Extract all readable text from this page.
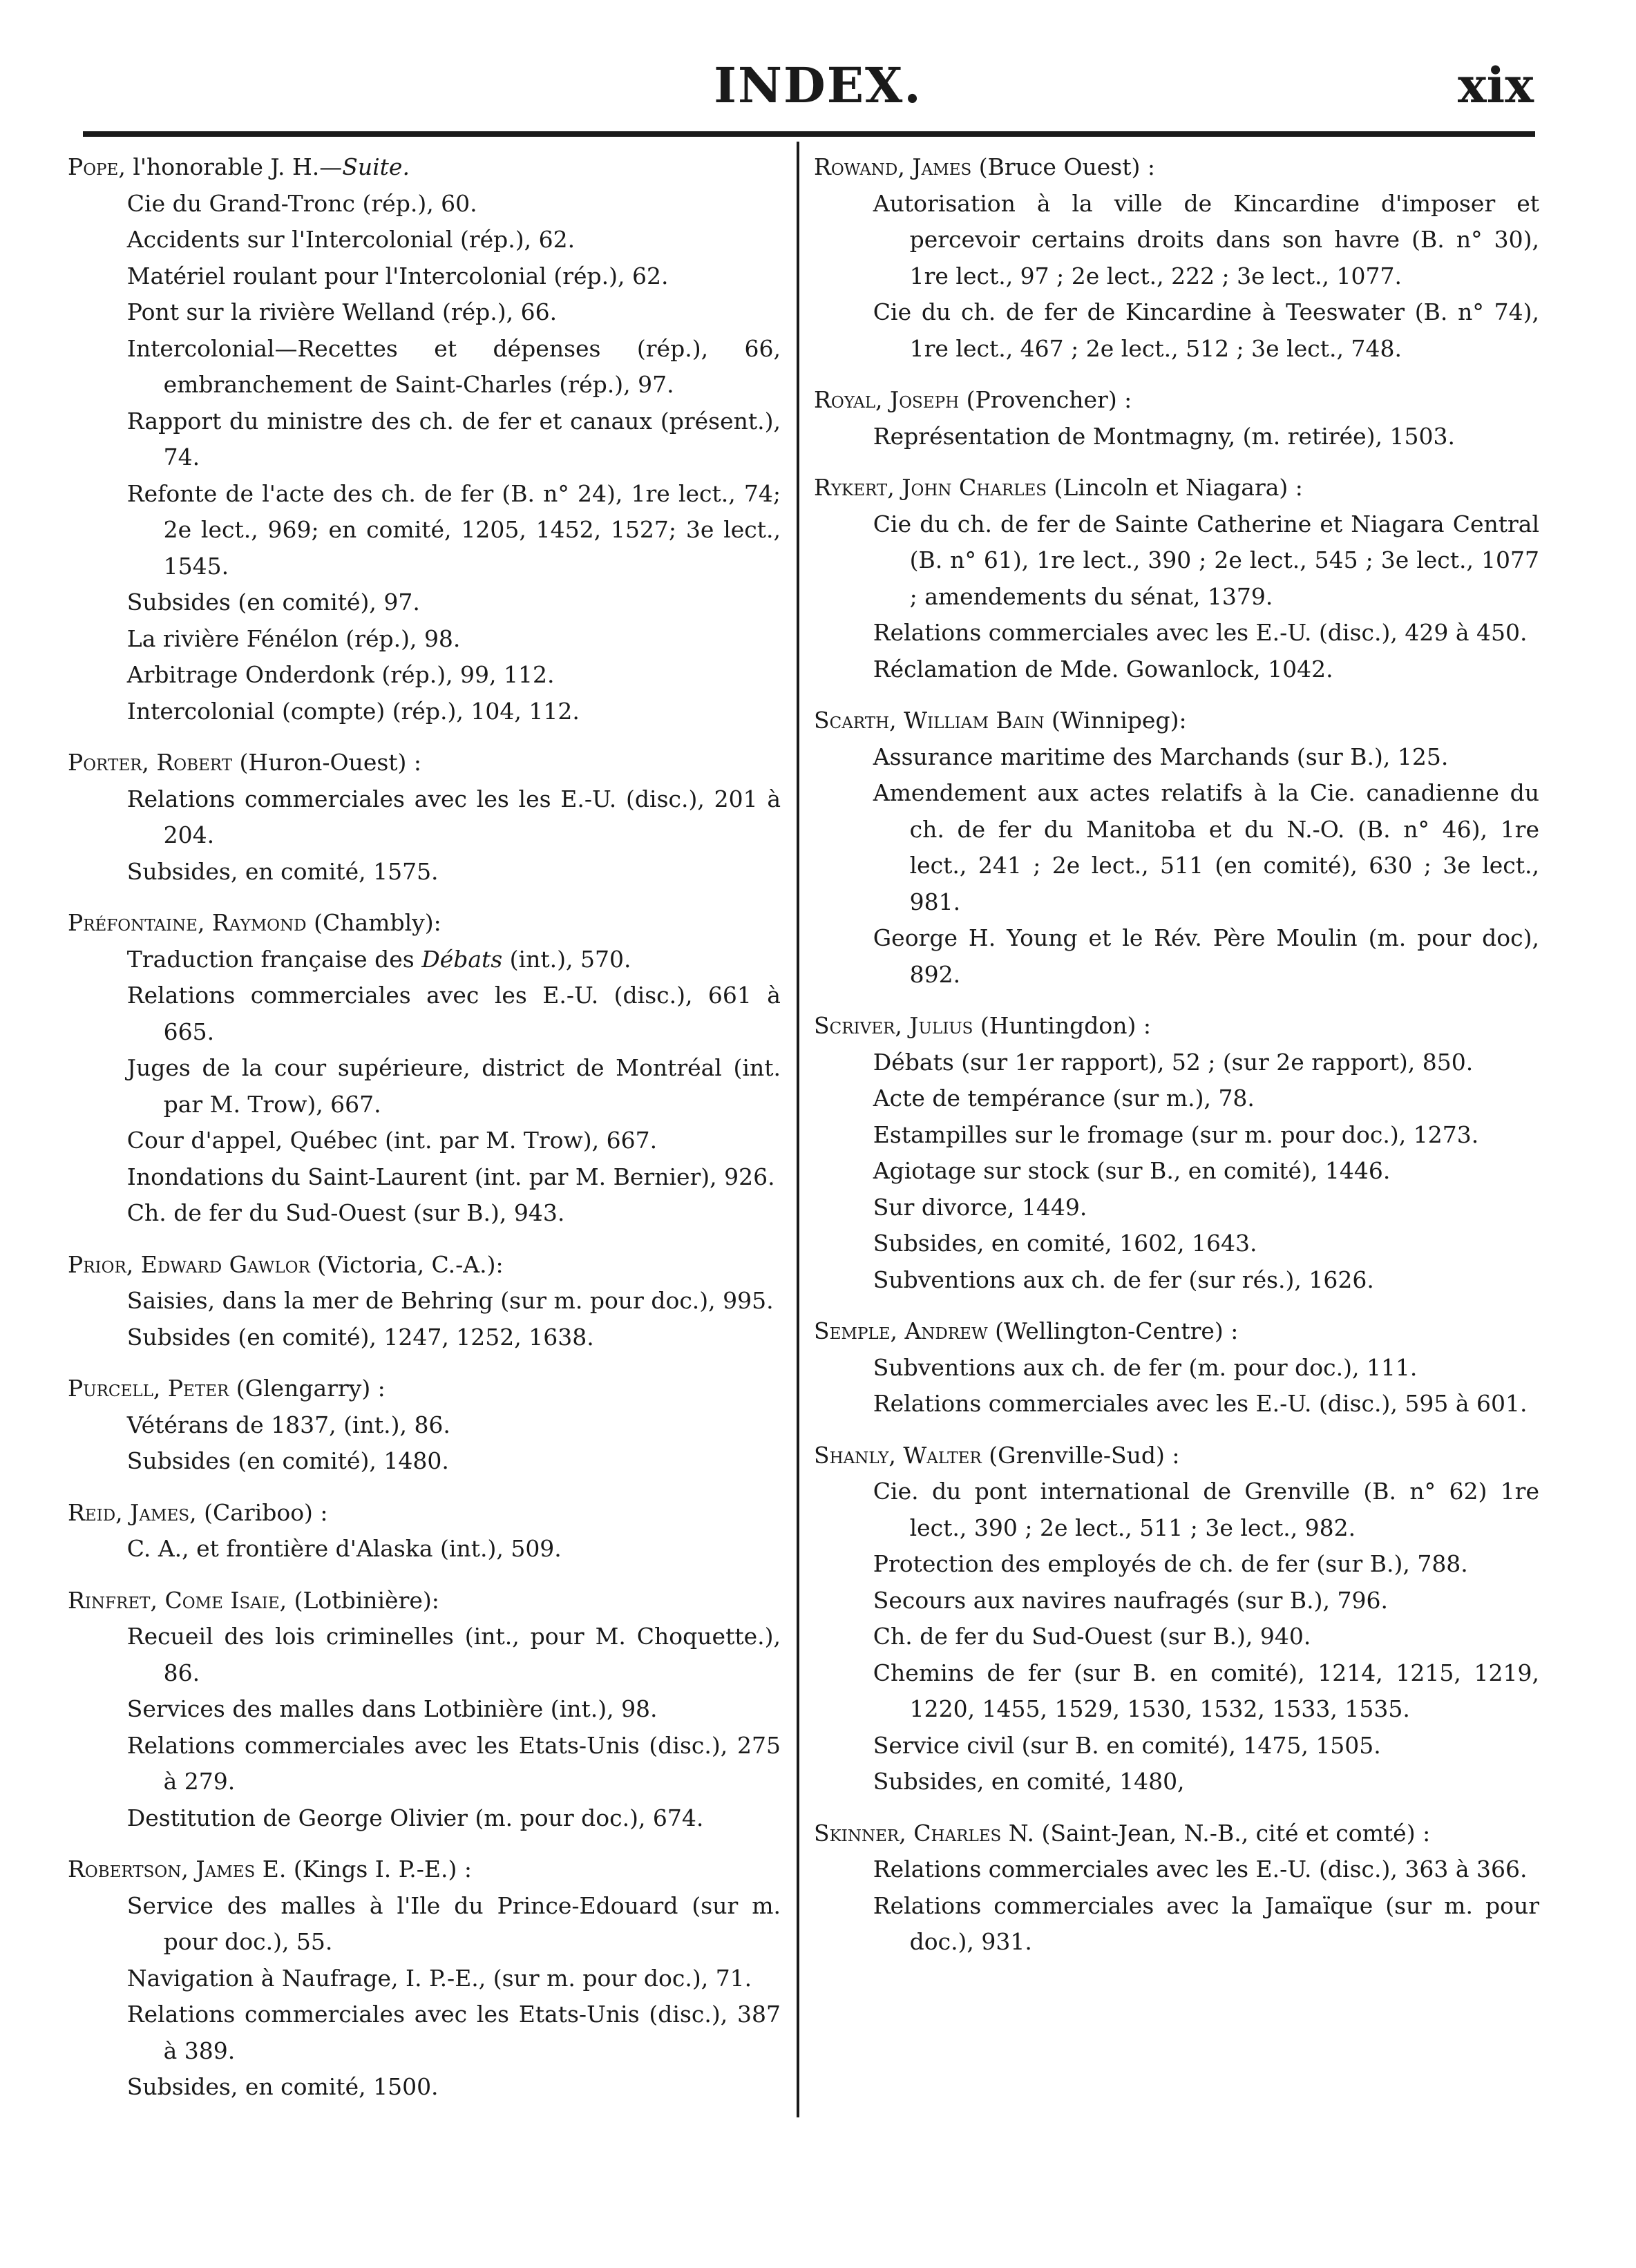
INDEX.	xix
Pope, l'honorable J. H.—Suite.
Cie du Grand-Tronc (rép.), 60.
Accidents sur l'Intercolonial (rép.), 62.
Matériel roulant pour l'Intercolonial (rép.), 62.
Pont sur la rivière Welland (rép.), 66.
Intercolonial—Recettes et dépenses (rép.), 66, embranchement de Saint-Charles (rép.), 97.
Rapport du ministre des ch. de fer et canaux (présent.), 74.
Refonte de l'acte des ch. de fer (B. n° 24), 1re lect., 74; 2e lect., 969; en comité, 1205, 1452, 1527; 3e lect., 1545.
Subsides (en comité), 97.
La rivière Fénélon (rép.), 98.
Arbitrage Onderdonk (rép.), 99, 112.
Intercolonial (compte) (rép.), 104, 112.
Porter, Robert (Huron-Ouest) :
Relations commerciales avec les les E.-U. (disc.), 201 à 204.
Subsides, en comité, 1575.
Préfontaine, Raymond (Chambly):
Traduction française des Débats (int.), 570.
Relations commerciales avec les E.-U. (disc.), 661 à 665.
Juges de la cour supérieure, district de Montréal (int. par M. Trow), 667.
Cour d'appel, Québec (int. par M. Trow), 667.
Inondations du Saint-Laurent (int. par M. Bernier), 926.
Ch. de fer du Sud-Ouest (sur B.), 943.
Prior, Edward Gawlor (Victoria, C.-A.):
Saisies, dans la mer de Behring (sur m. pour doc.), 995.
Subsides (en comité), 1247, 1252, 1638.
Purcell, Peter (Glengarry) :
Vétérans de 1837, (int.), 86.
Subsides (en comité), 1480.
Reid, James, (Cariboo) :
C. A., et frontière d'Alaska (int.), 509.
Rinfret, Come Isaie, (Lotbinière):
Recueil des lois criminelles (int., pour M. Choquette.), 86.
Services des malles dans Lotbinière (int.), 98.
Relations commerciales avec les Etats-Unis (disc.), 275 à 279.
Destitution de George Olivier (m. pour doc.), 674.
Robertson, James E. (Kings I. P.-E.) :
Service des malles à l'Ile du Prince-Edouard (sur m. pour doc.), 55.
Navigation à Naufrage, I. P.-E., (sur m. pour doc.), 71.
Relations commerciales avec les Etats-Unis (disc.), 387 à 389.
Subsides, en comité, 1500.
Rowand, James (Bruce Ouest) :
Autorisation à la ville de Kincardine d'imposer et percevoir certains droits dans son havre (B. n° 30), 1re lect., 97 ; 2e lect., 222 ; 3e lect., 1077.
Cie du ch. de fer de Kincardine à Teeswater (B. n° 74), 1re lect., 467 ; 2e lect., 512 ; 3e lect., 748.
Royal, Joseph (Provencher) :
Représentation de Montmagny, (m. retirée), 1503.
Rykert, John Charles (Lincoln et Niagara) :
Cie du ch. de fer de Sainte Catherine et Niagara Central (B. n° 61), 1re lect., 390 ; 2e lect., 545 ; 3e lect., 1077 ; amendements du sénat, 1379.
Relations commerciales avec les E.-U. (disc.), 429 à 450.
Réclamation de Mde. Gowanlock, 1042.
Scarth, William Bain (Winnipeg):
Assurance maritime des Marchands (sur B.), 125.
Amendement aux actes relatifs à la Cie. canadienne du ch. de fer du Manitoba et du N.-O. (B. n° 46), 1re lect., 241 ; 2e lect., 511 (en comité), 630 ; 3e lect., 981.
George H. Young et le Rév. Père Moulin (m. pour doc), 892.
Scriver, Julius (Huntingdon) :
Débats (sur 1er rapport), 52 ; (sur 2e rapport), 850.
Acte de tempérance (sur m.), 78.
Estampilles sur le fromage (sur m. pour doc.), 1273.
Agiotage sur stock (sur B., en comité), 1446.
Sur divorce, 1449.
Subsides, en comité, 1602, 1643.
Subventions aux ch. de fer (sur rés.), 1626.
Semple, Andrew (Wellington-Centre) :
Subventions aux ch. de fer (m. pour doc.), 111.
Relations commerciales avec les E.-U. (disc.), 595 à 601.
Shanly, Walter (Grenville-Sud) :
Cie. du pont international de Grenville (B. n° 62) 1re lect., 390 ; 2e lect., 511 ; 3e lect., 982.
Protection des employés de ch. de fer (sur B.), 788.
Secours aux navires naufragés (sur B.), 796.
Ch. de fer du Sud-Ouest (sur B.), 940.
Chemins de fer (sur B. en comité), 1214, 1215, 1219, 1220, 1455, 1529, 1530, 1532, 1533, 1535.
Service civil (sur B. en comité), 1475, 1505.
Subsides, en comité, 1480,
Skinner, Charles N. (Saint-Jean, N.-B., cité et comté) :
Relations commerciales avec les E.-U. (disc.), 363 à 366.
Relations commerciales avec la Jamaïque (sur m. pour doc.), 931.
